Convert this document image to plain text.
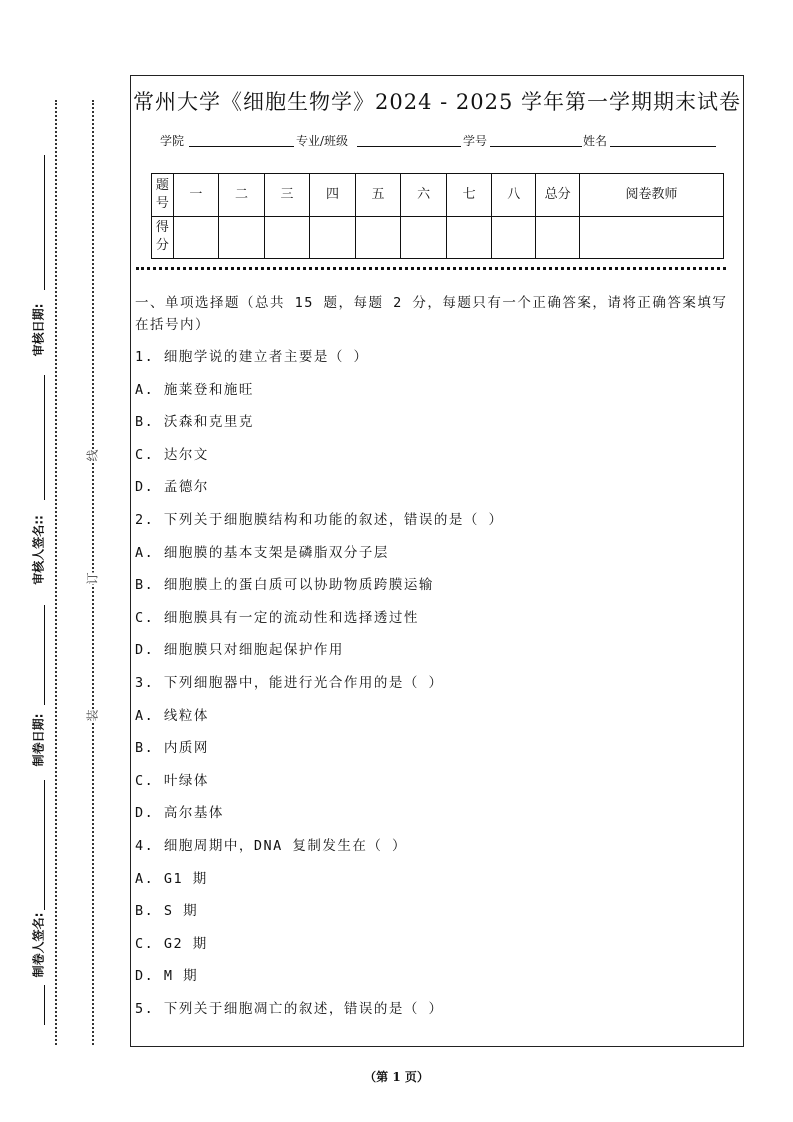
审核日期:
审核人签名::
制卷日期:
制卷人签名:
线
订
装
常州大学《细胞生物学》2024 - 2025 学年第一学期期末试卷
学院	专业/班级	学号	姓名
题号	一	二	三	四	五	六	七	八	总分	阅卷教师
得分										
一、单项选择题（总共 15 题，每题 2 分，每题只有一个正确答案，请将正确答案填写在括号内）
1. 细胞学说的建立者主要是（ ）
A. 施莱登和施旺
B. 沃森和克里克
C. 达尔文
D. 孟德尔
2. 下列关于细胞膜结构和功能的叙述，错误的是（ ）
A. 细胞膜的基本支架是磷脂双分子层
B. 细胞膜上的蛋白质可以协助物质跨膜运输
C. 细胞膜具有一定的流动性和选择透过性
D. 细胞膜只对细胞起保护作用
3. 下列细胞器中，能进行光合作用的是（ ）
A. 线粒体
B. 内质网
C. 叶绿体
D. 高尔基体
4. 细胞周期中，DNA 复制发生在（ ）
A. G1 期
B. S 期
C. G2 期
D. M 期
5. 下列关于细胞凋亡的叙述，错误的是（ ）
（第 1 页）
